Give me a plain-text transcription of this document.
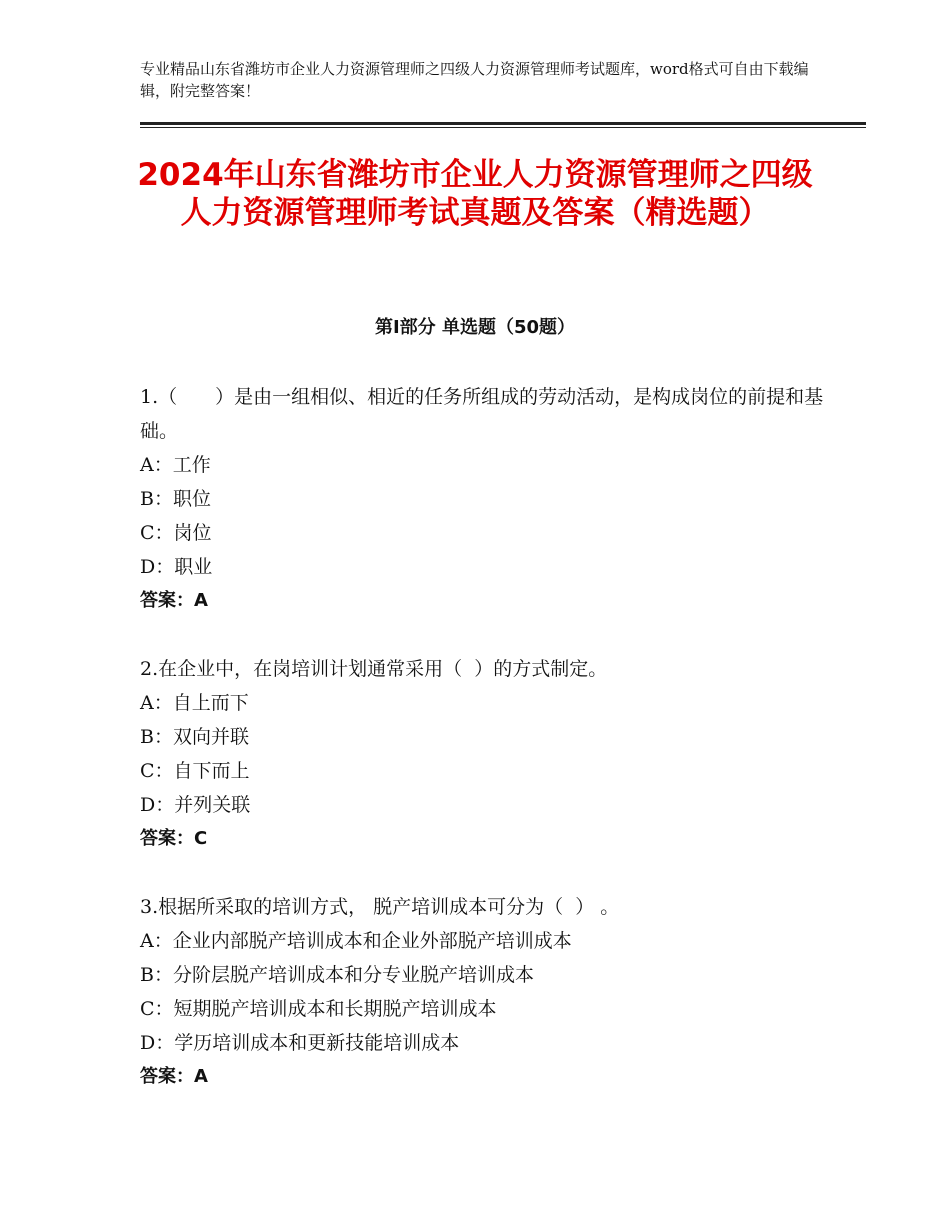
专业精品山东省潍坊市企业人力资源管理师之四级人力资源管理师考试题库，word格式可自由下载编辑，附完整答案！
2024年山东省潍坊市企业人力资源管理师之四级人力资源管理师考试真题及答案（精选题）
第Ⅰ部分 单选题（50题）
1.（　　）是由一组相似、相近的任务所组成的劳动活动，是构成岗位的前提和基础。
A：工作
B：职位
C：岗位
D：职业
答案：A
2.在企业中，在岗培训计划通常采用（  ）的方式制定。
A：自上而下
B：双向并联
C：自下而上
D：并列关联
答案：C
3.根据所采取的培训方式， 脱产培训成本可分为（  ） 。
A：企业内部脱产培训成本和企业外部脱产培训成本
B：分阶层脱产培训成本和分专业脱产培训成本
C：短期脱产培训成本和长期脱产培训成本
D：学历培训成本和更新技能培训成本
答案：A
